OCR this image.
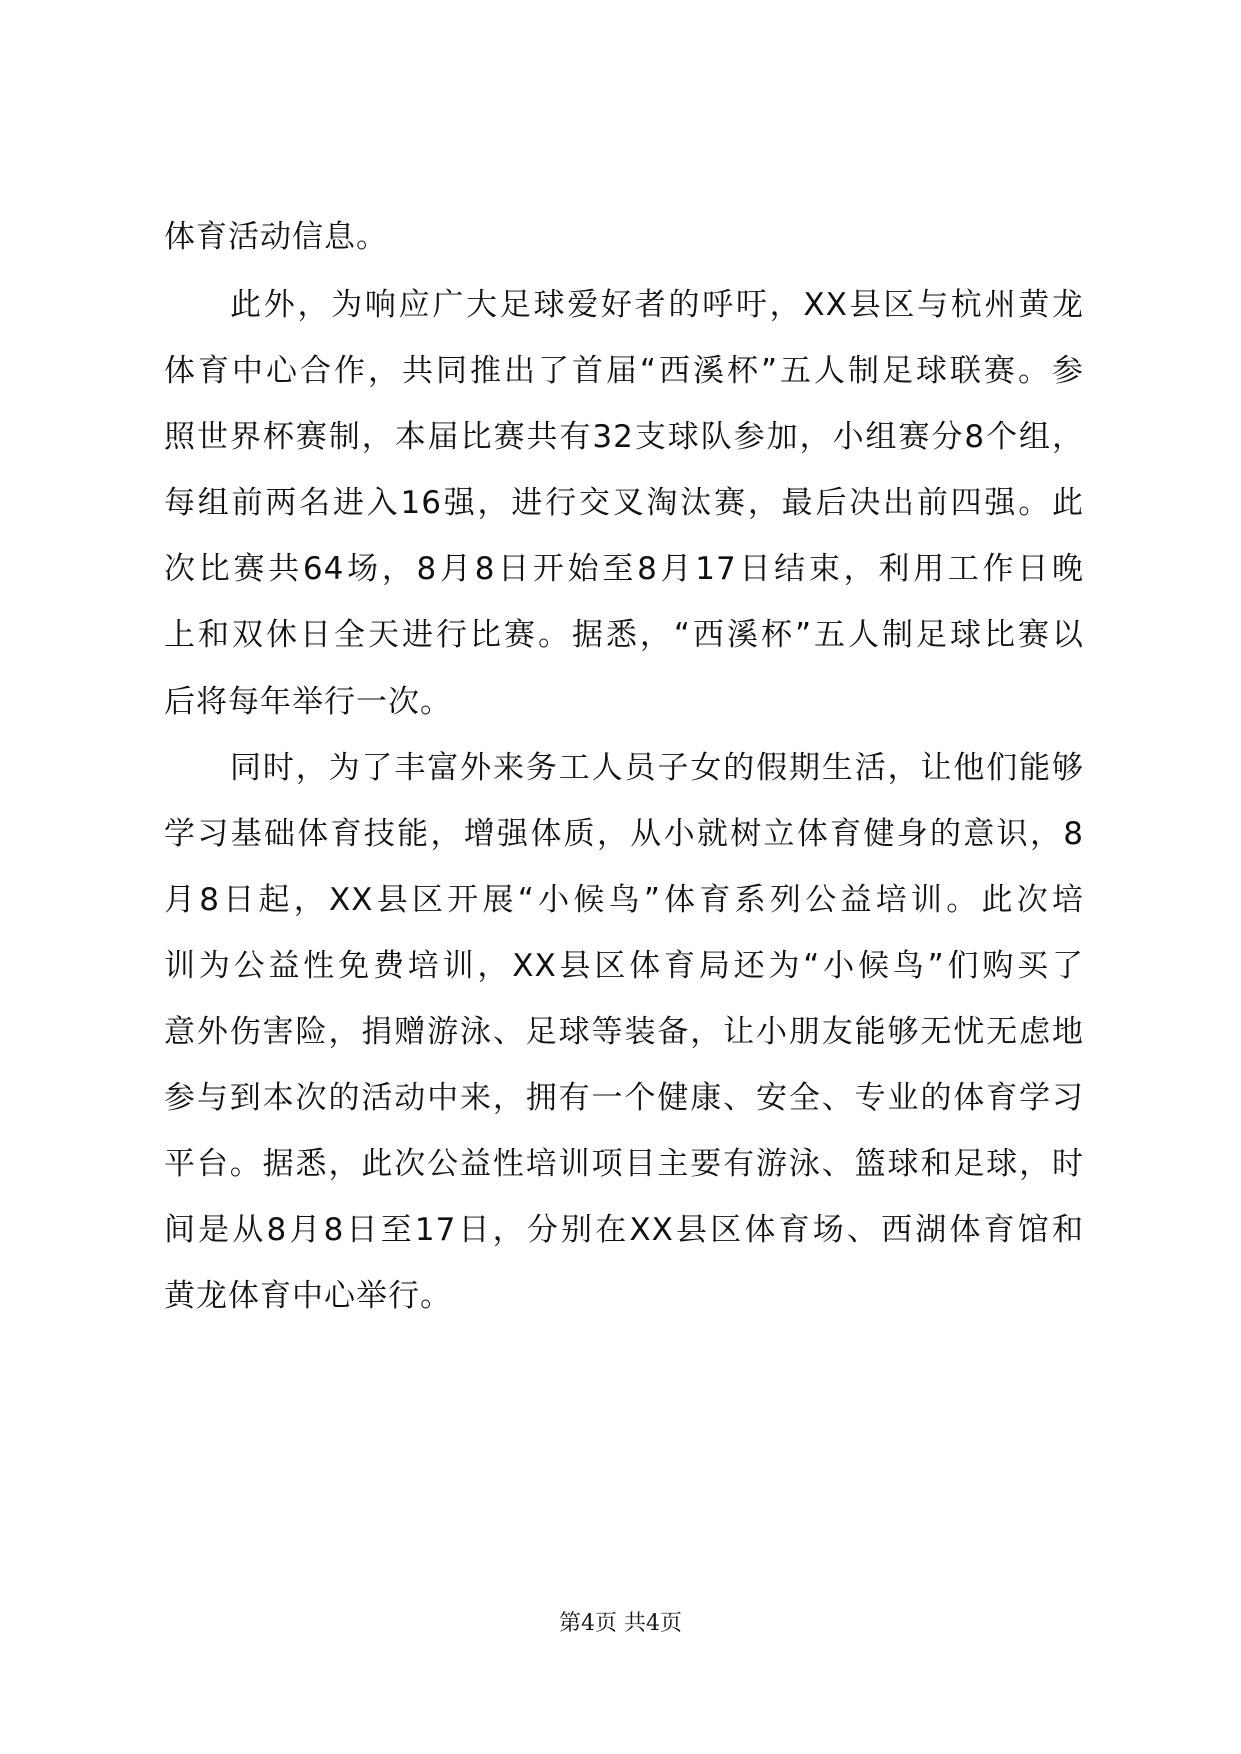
体育活动信息。
此外，为响应广大足球爱好者的呼吁，XX县区与杭州黄龙
体育中心合作，共同推出了首届“西溪杯”五人制足球联赛。参
照世界杯赛制，本届比赛共有32支球队参加，小组赛分8个组，
每组前两名进入16强，进行交叉淘汰赛，最后决出前四强。此
次比赛共64场，8月8日开始至8月17日结束，利用工作日晚
上和双休日全天进行比赛。据悉，“西溪杯”五人制足球比赛以
后将每年举行一次。
同时，为了丰富外来务工人员子女的假期生活，让他们能够
学习基础体育技能，增强体质，从小就树立体育健身的意识，8
月8日起，XX县区开展“小候鸟”体育系列公益培训。此次培
训为公益性免费培训，XX县区体育局还为“小候鸟”们购买了
意外伤害险，捐赠游泳、足球等装备，让小朋友能够无忧无虑地
参与到本次的活动中来，拥有一个健康、安全、专业的体育学习
平台。据悉，此次公益性培训项目主要有游泳、篮球和足球，时
间是从8月8日至17日，分别在XX县区体育场、西湖体育馆和
黄龙体育中心举行。
第4页 共4页
